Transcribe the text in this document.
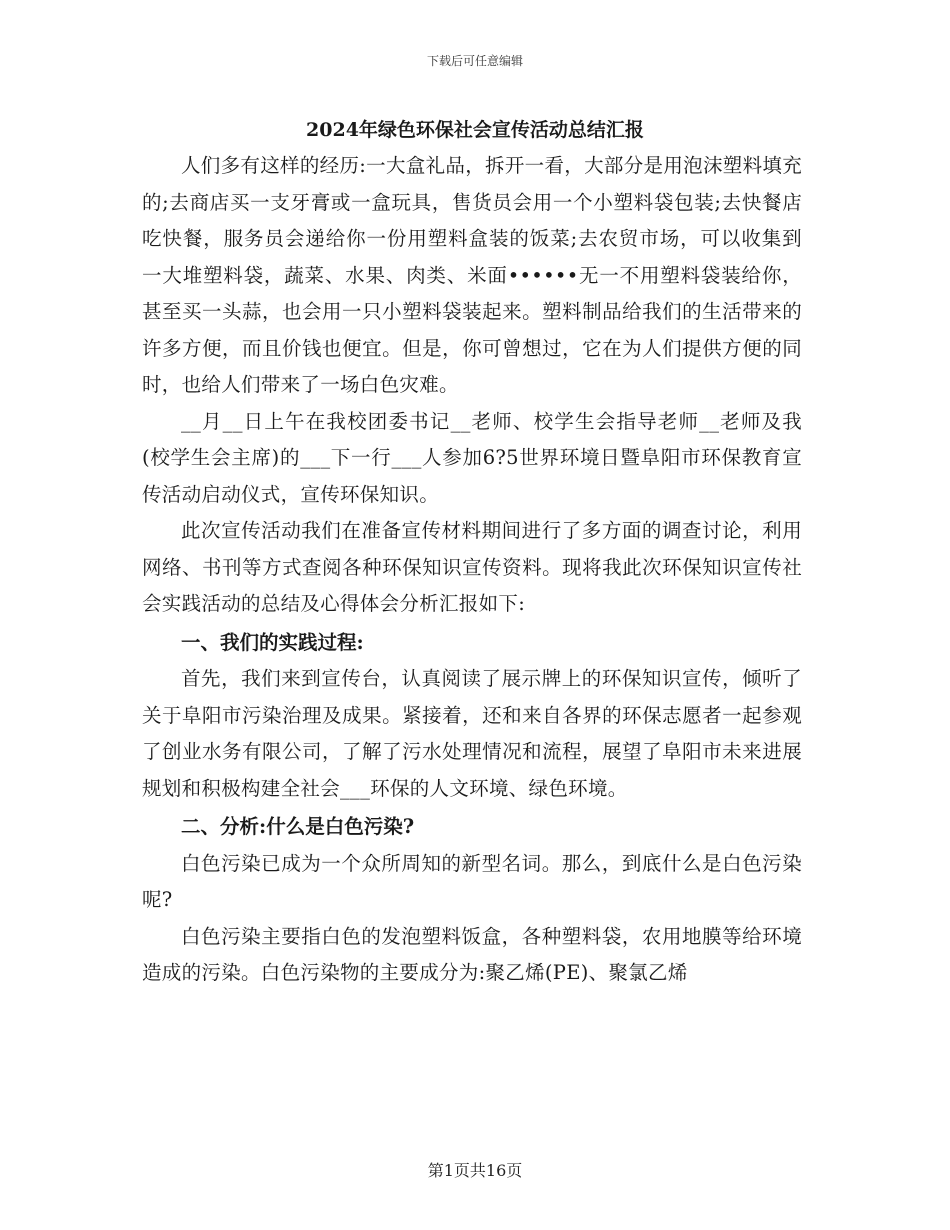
下载后可任意编辑
2024年绿色环保社会宣传活动总结汇报

人们多有这样的经历:一大盒礼品，拆开一看，大部分是用泡沫塑料填充的;去商店买一支牙膏或一盒玩具，售货员会用一个小塑料袋包装;去快餐店吃快餐，服务员会递给你一份用塑料盒装的饭菜;去农贸市场，可以收集到一大堆塑料袋，蔬菜、水果、肉类、米面••••••无一不用塑料袋装给你，甚至买一头蒜，也会用一只小塑料袋装起来。塑料制品给我们的生活带来的许多方便，而且价钱也便宜。但是，你可曾想过，它在为人们提供方便的同时，也给人们带来了一场白色灾难。

__月__日上午在我校团委书记__老师、校学生会指导老师__老师及我(校学生会主席)的___下一行___人参加6?5世界环境日暨阜阳市环保教育宣传活动启动仪式，宣传环保知识。

此次宣传活动我们在准备宣传材料期间进行了多方面的调查讨论，利用网络、书刊等方式查阅各种环保知识宣传资料。现将我此次环保知识宣传社会实践活动的总结及心得体会分析汇报如下:

一、我们的实践过程:

首先，我们来到宣传台，认真阅读了展示牌上的环保知识宣传，倾听了关于阜阳市污染治理及成果。紧接着，还和来自各界的环保志愿者一起参观了创业水务有限公司，了解了污水处理情况和流程，展望了阜阳市未来进展规划和积极构建全社会___环保的人文环境、绿色环境。

二、分析:什么是白色污染?

白色污染已成为一个众所周知的新型名词。那么，到底什么是白色污染呢?

白色污染主要指白色的发泡塑料饭盒，各种塑料袋，农用地膜等给环境造成的污染。白色污染物的主要成分为:聚乙烯(PE)、聚氯乙烯

第1页共16页
